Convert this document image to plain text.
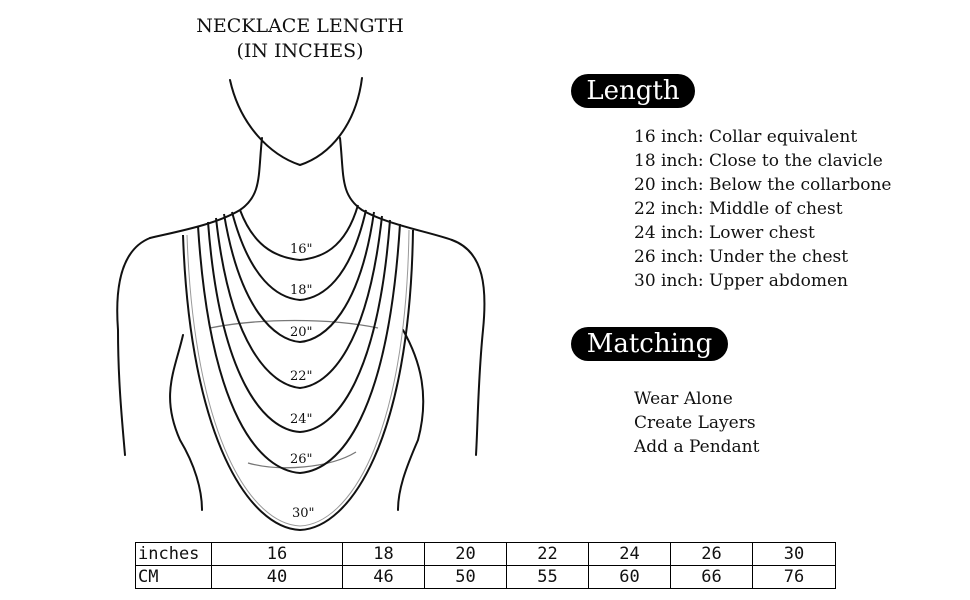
NECKLACE LENGTH
(IN INCHES)
16"
18"
20"
22"
24"
26"
30"
Length
16 inch: Collar equivalent
18 inch: Close to the clavicle
20 inch: Below the collarbone
22 inch: Middle of chest
24 inch: Lower chest
26 inch: Under the chest
30 inch: Upper abdomen
Matching
Wear Alone
Create Layers
Add a Pendant
inches	16	18	20	22	24	26	30
CM	40	46	50	55	60	66	76
